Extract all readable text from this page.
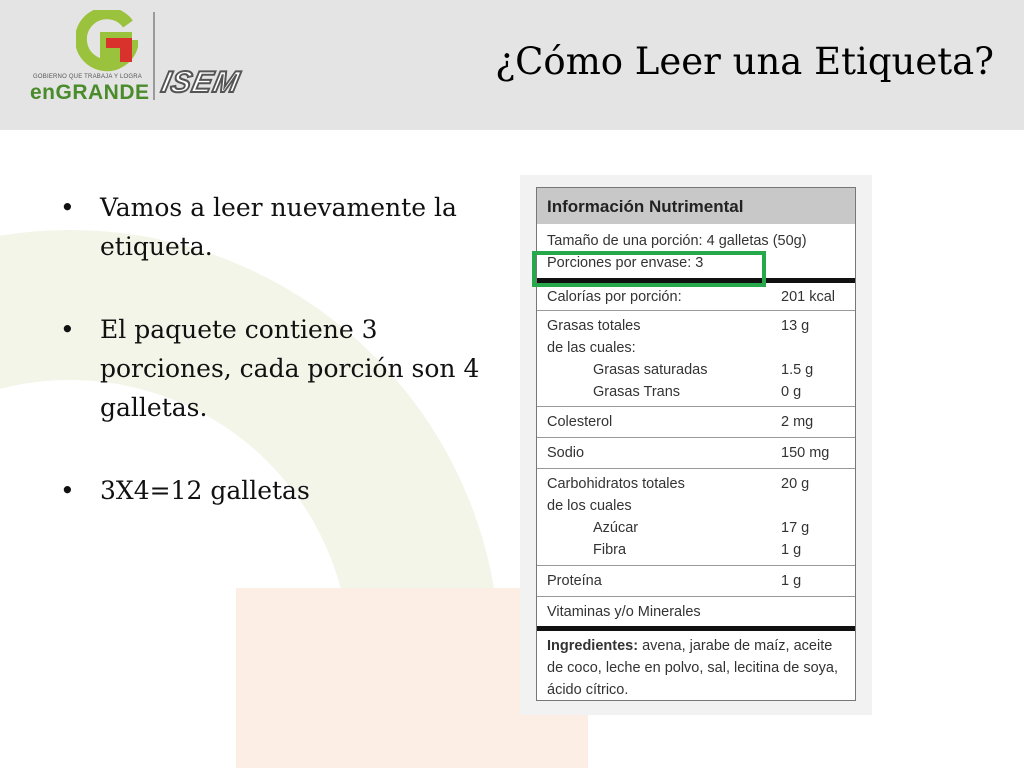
GOBIERNO QUE TRABAJA Y LOGRA
enGRANDE ISEM	¿Cómo Leer una Etiqueta?
• Vamos a leer nuevamente la etiqueta.
• El paquete contiene 3 porciones, cada porción son 4 galletas.
• 3X4=12 galletas
Información Nutrimental
Tamaño de una porción: 4 galletas (50g)
Porciones por envase: 3
Calorías por porción:	201 kcal
Grasas totales	13 g
de las cuales:
Grasas saturadas	1.5 g
Grasas Trans	0 g
Colesterol	2 mg
Sodio	150 mg
Carbohidratos totales	20 g
de los cuales
Azúcar	17 g
Fibra	1 g
Proteína	1 g
Vitaminas y/o Minerales
Ingredientes: avena, jarabe de maíz, aceite de coco, leche en polvo, sal, lecitina de soya, ácido cítrico.
